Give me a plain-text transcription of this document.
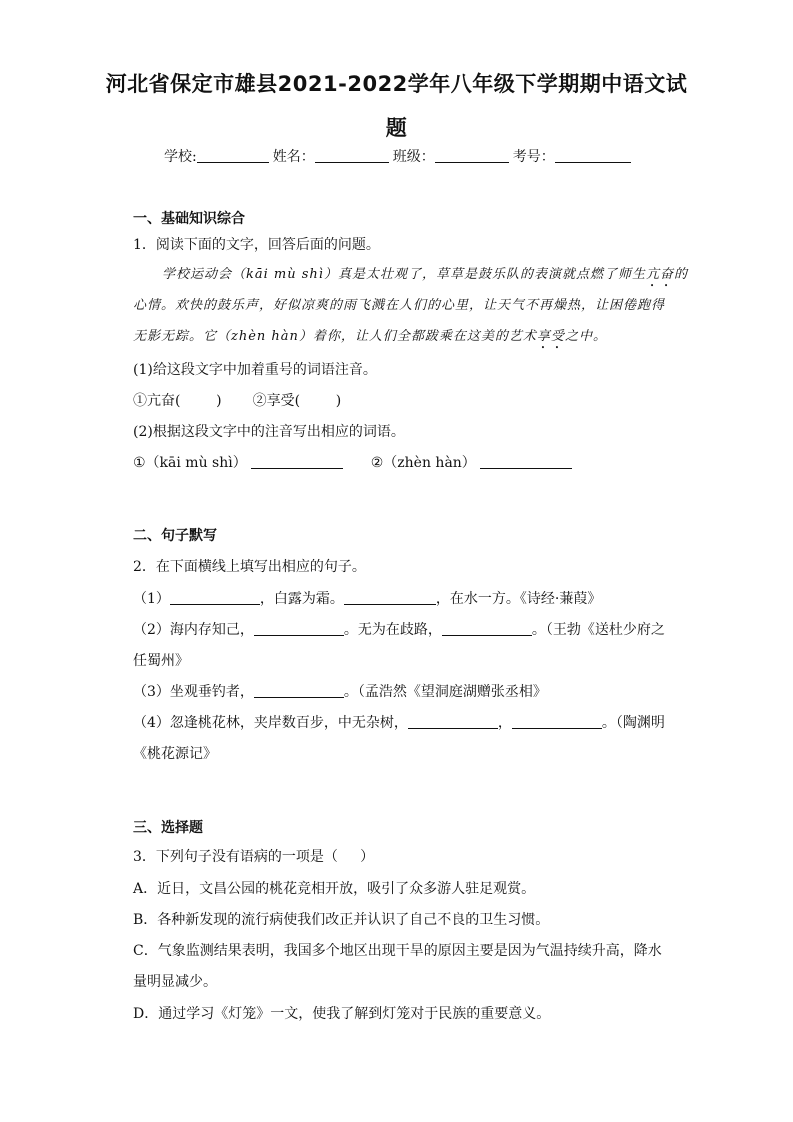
河北省保定市雄县2021-2022学年八年级下学期期中语文试
题
学校:	姓名：	班级：	考号：
一、基础知识综合
1．阅读下面的文字，回答后面的问题。
学校运动会（kāi mù shì）真是太壮观了，草草是鼓乐队的表演就点燃了师生亢奋的
心情。欢快的鼓乐声，好似凉爽的雨飞溅在人们的心里，让天气不再燥热，让困倦跑得
无影无踪。它（zhèn hàn）着你，让人们全都跋乘在这美的艺术享受之中。
(1)给这段文字中加着重号的词语注音。
①亢奋(        )       ②享受(        )
(2)根据这段文字中的注音写出相应的词语。
①（kāi mù shì）	②（zhèn hàn）
二、句子默写
2．在下面横线上填写出相应的句子。
（1）	，白露为霜。	，在水一方。《诗经·蒹葭》
（2）海内存知己，	。无为在歧路，	。（王勃《送杜少府之
任蜀州》
（3）坐观垂钓者，	。（孟浩然《望洞庭湖赠张丞相》
（4）忽逢桃花林，夹岸数百步，中无杂树，	，	。（陶渊明
《桃花源记》
三、选择题
3．下列句子没有语病的一项是（     ）
A．近日，文昌公园的桃花竞相开放，吸引了众多游人驻足观赏。
B．各种新发现的流行病使我们改正并认识了自己不良的卫生习惯。
C．气象监测结果表明，我国多个地区出现干旱的原因主要是因为气温持续升高，降水
量明显减少。
D．通过学习《灯笼》一文，使我了解到灯笼对于民族的重要意义。
